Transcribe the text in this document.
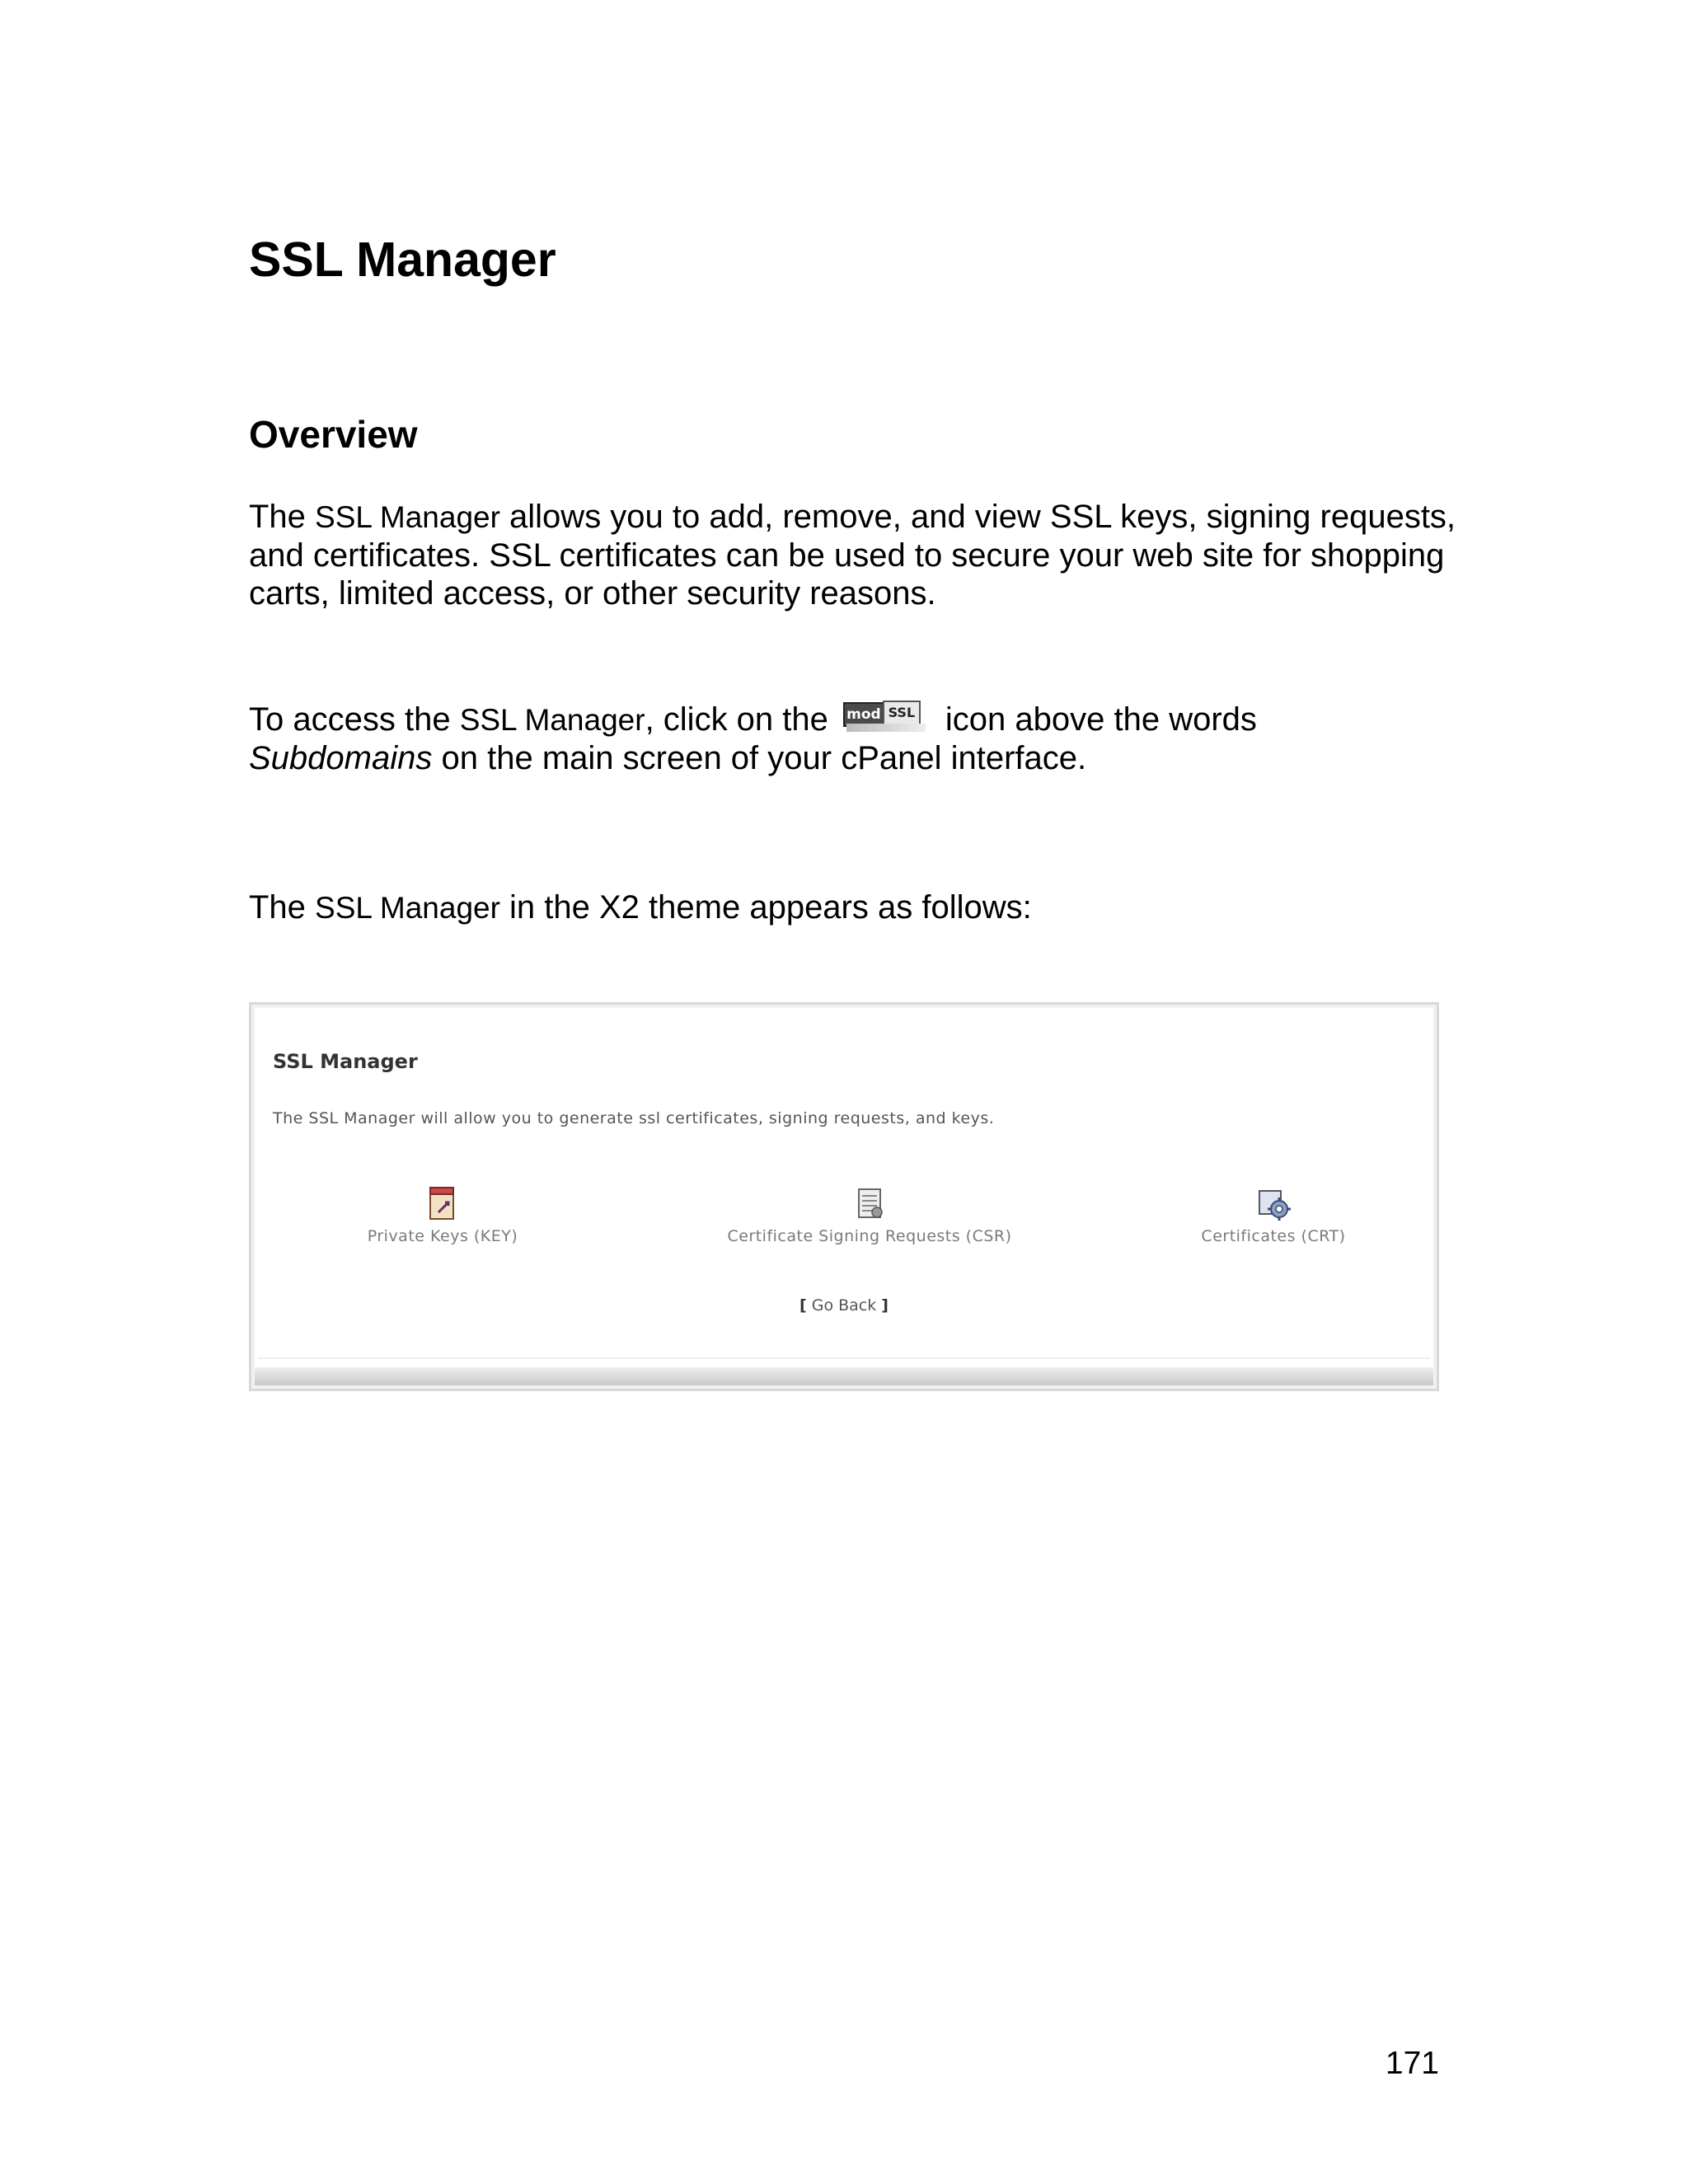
SSL Manager
Overview

The SSL Manager allows you to add, remove, and view SSL keys, signing requests, and certificates. SSL certificates can be used to secure your web site for shopping carts, limited access, or other security reasons.

To access the SSL Manager, click on the mod SSL icon above the words
Subdomains on the main screen of your cPanel interface.

The SSL Manager in the X2 theme appears as follows:

SSL Manager

The SSL Manager will allow you to generate ssl certificates, signing requests, and keys.

Private Keys (KEY)	Certificate Signing Requests (CSR)	Certificates (CRT)
[ Go Back ]

171
